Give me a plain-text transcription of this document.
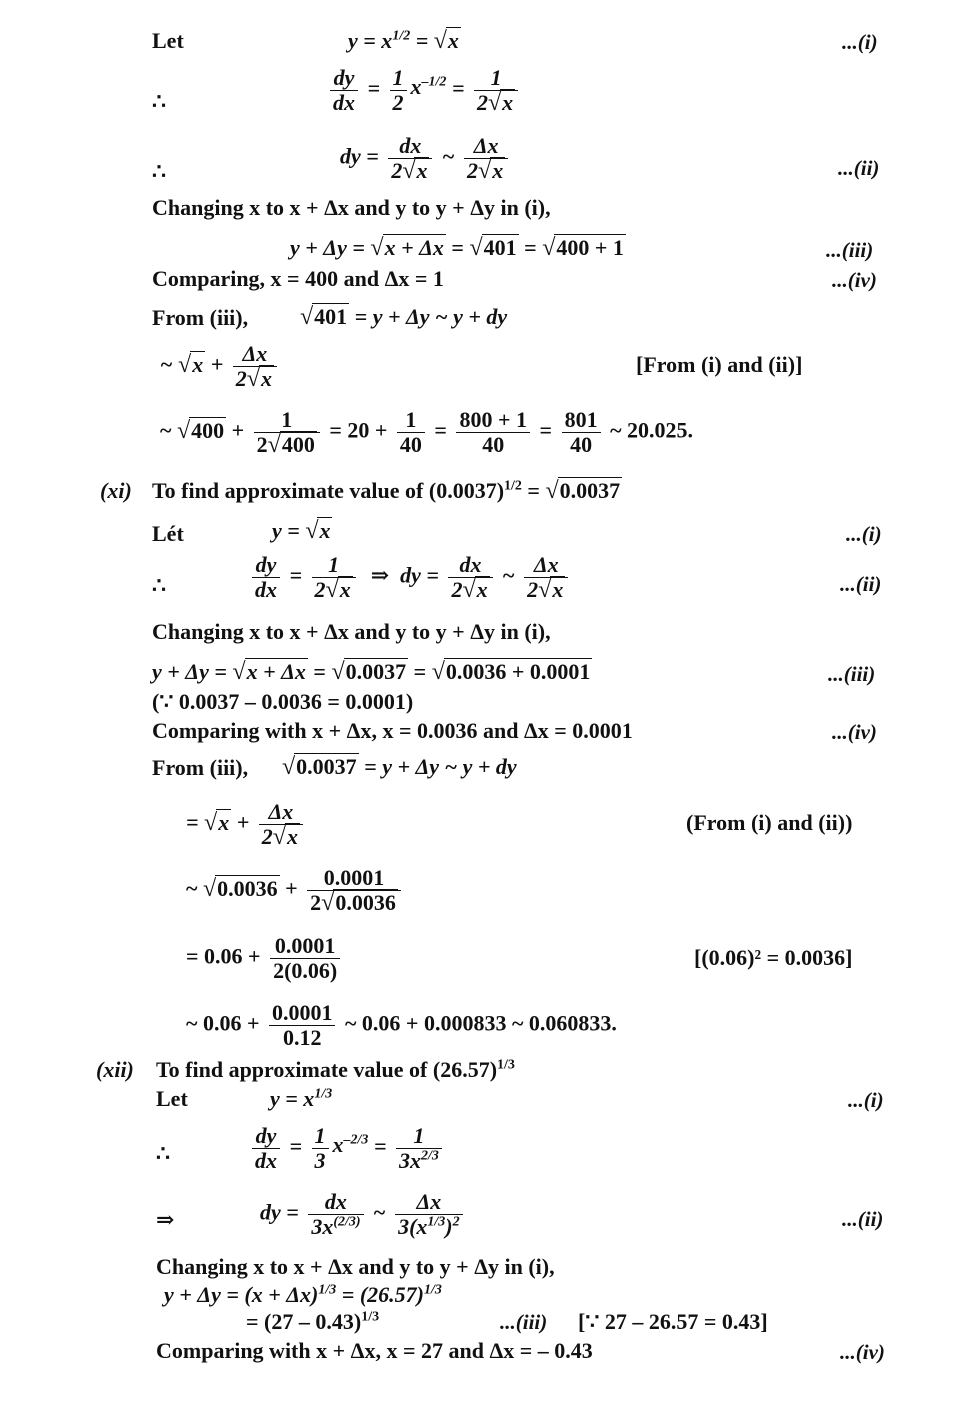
Let	$y = x^{1/2} = √x$	...(i)
∴	$\frac{dy}{dx} = \frac{1}{2} x^{-1/2} = \frac{1}{2√x}$
∴
dy = $\frac{dx}{2√x}$ ~ $\frac{\Delta x}{2√x}$	...(ii)
Changing x to x + Δx and y to y + Δy in (i),
y + Δy = √x + Δx = √401 = √400 + 1	...(iii)
Comparing, x = 400 and Δx = 1	...(iv)
From (iii), √401 = y + Δy ~ y + dy
~ $√x + \frac{\Delta x}{2√x}$	[From (i) and (ii)]
~ $√400 + \frac{1}{2√400} = 20 + \frac{1}{40} = \frac{800 + 1}{40} = \frac{801}{40}$ ~ 20.025.
(xi) To find approximate value of $(0.0037)^{1/2} = √0.0037$
Lét	y = √x	...(i)
∴	$\frac{dy}{dx} = \frac{1}{2√x}$ ⇒  dy = $\frac{dx}{2√x}$ ~ $\frac{\Delta x}{2√x}$	...(ii)
Changing x to x + Δx and y to y + Δy in (i),
y + Δy = √x + Δx = √0.0037 = √0.0036 + 0.0001	...(iii)
(∵ 0.0037 – 0.0036 = 0.0001)
Comparing with x + Δx, x = 0.0036 and Δx = 0.0001	...(iv)
From (iii), √0.0037 = y + Δy ~ y + dy
= $√x + \frac{\Delta x}{2√x}$	(From (i) and (ii))
~ $√0.0036 + \frac{0.0001}{2√0.0036}$
= $0.06 + \frac{0.0001}{2(0.06)}$	[(0.06)² = 0.0036]
~ $0.06 + \frac{0.0001}{0.12}$ ~ 0.06 + 0.000833 ~ 0.060833.
(xii) To find approximate value of $(26.57)^{1/3}$
Let	$y = x^{1/3}$	...(i)
∴	$\frac{dy}{dx} = \frac{1}{3} x^{-2/3} = \frac{1}{3x^{2/3}}$
⇒	dy = $\frac{dx}{3x^{(2/3)}}$ ~ $\frac{\Delta x}{3(x^{1/3})^2}$	...(ii)
Changing x to x + Δx and y to y + Δy in (i),
$y + \Delta y = (x + \Delta x)^{1/3} = (26.57)^{1/3}$
= (27 – 0.43)$^{1/3}$	...(iii) [∵ 27 – 26.57 = 0.43]
Comparing with x + Δx, x = 27 and Δx = – 0.43	...(iv)
